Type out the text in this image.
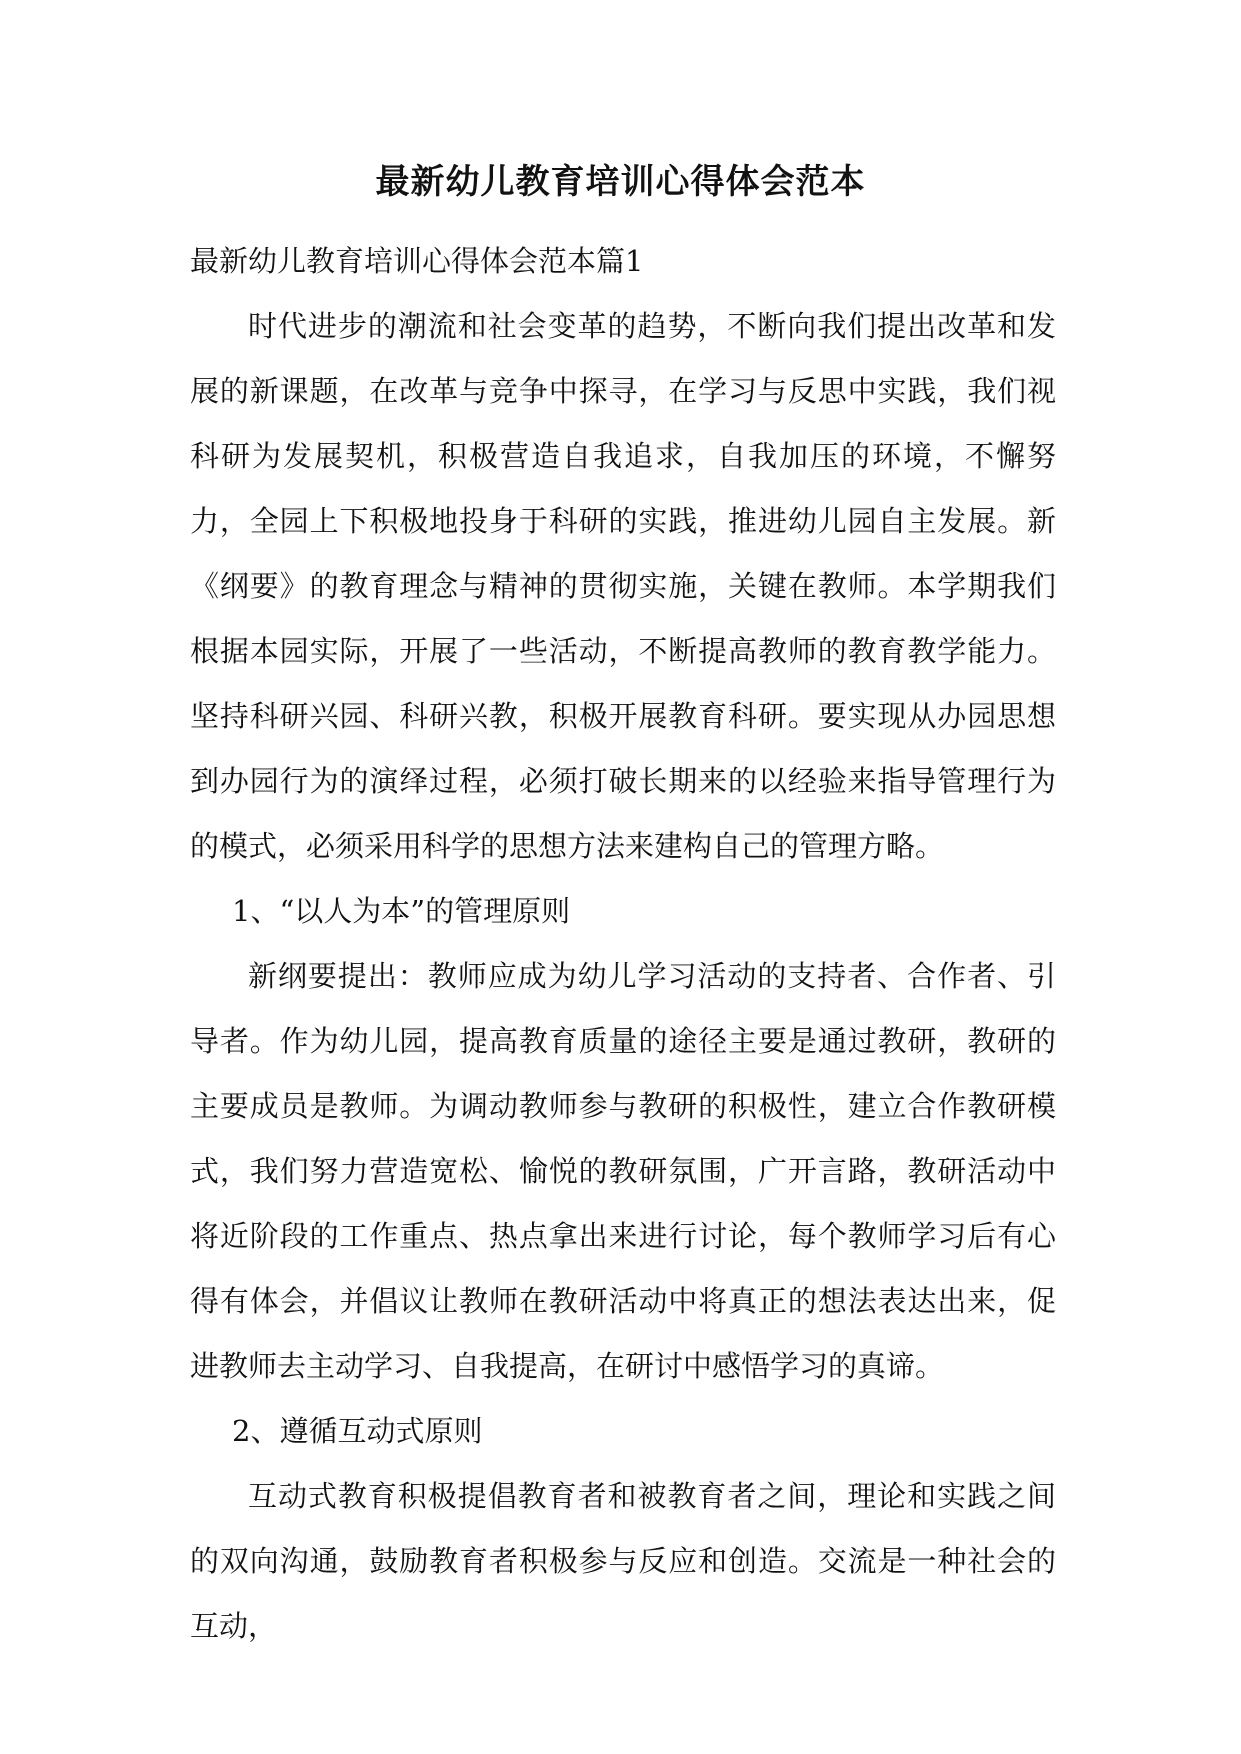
最新幼儿教育培训心得体会范本

最新幼儿教育培训心得体会范本篇1

时代进步的潮流和社会变革的趋势，不断向我们提出改革和发展的新课题，在改革与竞争中探寻，在学习与反思中实践，我们视科研为发展契机，积极营造自我追求，自我加压的环境，不懈努力，全园上下积极地投身于科研的实践，推进幼儿园自主发展。新《纲要》的教育理念与精神的贯彻实施，关键在教师。本学期我们根据本园实际，开展了一些活动，不断提高教师的教育教学能力。 坚持科研兴园、科研兴教，积极开展教育科研。要实现从办园思想到办园行为的演绎过程，必须打破长期来的以经验来指导管理行为的模式，必须采用科学的思想方法来建构自己的管理方略。

1、“以人为本”的管理原则

新纲要提出：教师应成为幼儿学习活动的支持者、合作者、引导者。作为幼儿园，提高教育质量的途径主要是通过教研，教研的主要成员是教师。为调动教师参与教研的积极性，建立合作教研模式，我们努力营造宽松、愉悦的教研氛围，广开言路，教研活动中将近阶段的工作重点、热点拿出来进行讨论，每个教师学习后有心得有体会，并倡议让教师在教研活动中将真正的想法表达出来，促进教师去主动学习、自我提高，在研讨中感悟学习的真谛。

2、遵循互动式原则

互动式教育积极提倡教育者和被教育者之间，理论和实践之间的双向沟通，鼓励教育者积极参与反应和创造。交流是一种社会的互动，
